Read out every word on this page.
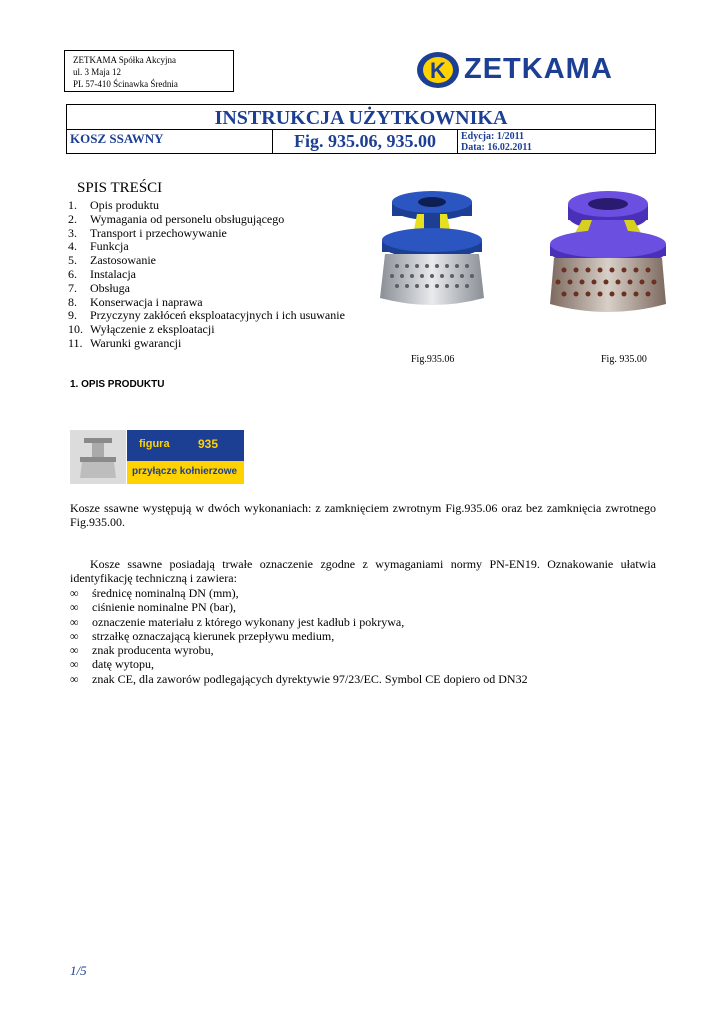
ZETKAMA Spółka Akcyjna
ul. 3 Maja 12
PL 57-410 Ścinawka Średnia
K ZETKAMA
INSTRUKCJA UŻYTKOWNIKA
KOSZ SSAWNY	Fig. 935.06, 935.00	Edycja: 1/2011
Data: 16.02.2011
SPIS TREŚCI
1. Opis produktu
2. Wymagania od personelu obsługującego
3. Transport i przechowywanie
4. Funkcja
5. Zastosowanie
6. Instalacja
7. Obsługa
8. Konserwacja i naprawa
9. Przyczyny zakłóceń eksploatacyjnych i ich usuwanie
10. Wyłączenie z eksploatacji
11. Warunki gwarancji
Fig.935.06	Fig. 935.00
1. OPIS PRODUKTU
figura 935
przyłącze kołnierzowe
Kosze ssawne występują w dwóch wykonaniach: z zamknięciem zwrotnym Fig.935.06 oraz bez zamknięcia zwrotnego Fig.935.00.
Kosze ssawne posiadają trwałe oznaczenie zgodne z wymaganiami normy PN-EN19. Oznakowanie ułatwia identyfikację techniczną i zawiera:
∞ średnicę nominalną DN (mm),
∞ ciśnienie nominalne PN (bar),
∞ oznaczenie materiału z którego wykonany jest kadłub i pokrywa,
∞ strzałkę oznaczającą kierunek przepływu medium,
∞ znak producenta wyrobu,
∞ datę wytopu,
∞ znak CE, dla zaworów podlegających dyrektywie 97/23/EC. Symbol CE dopiero od DN32
1/5
